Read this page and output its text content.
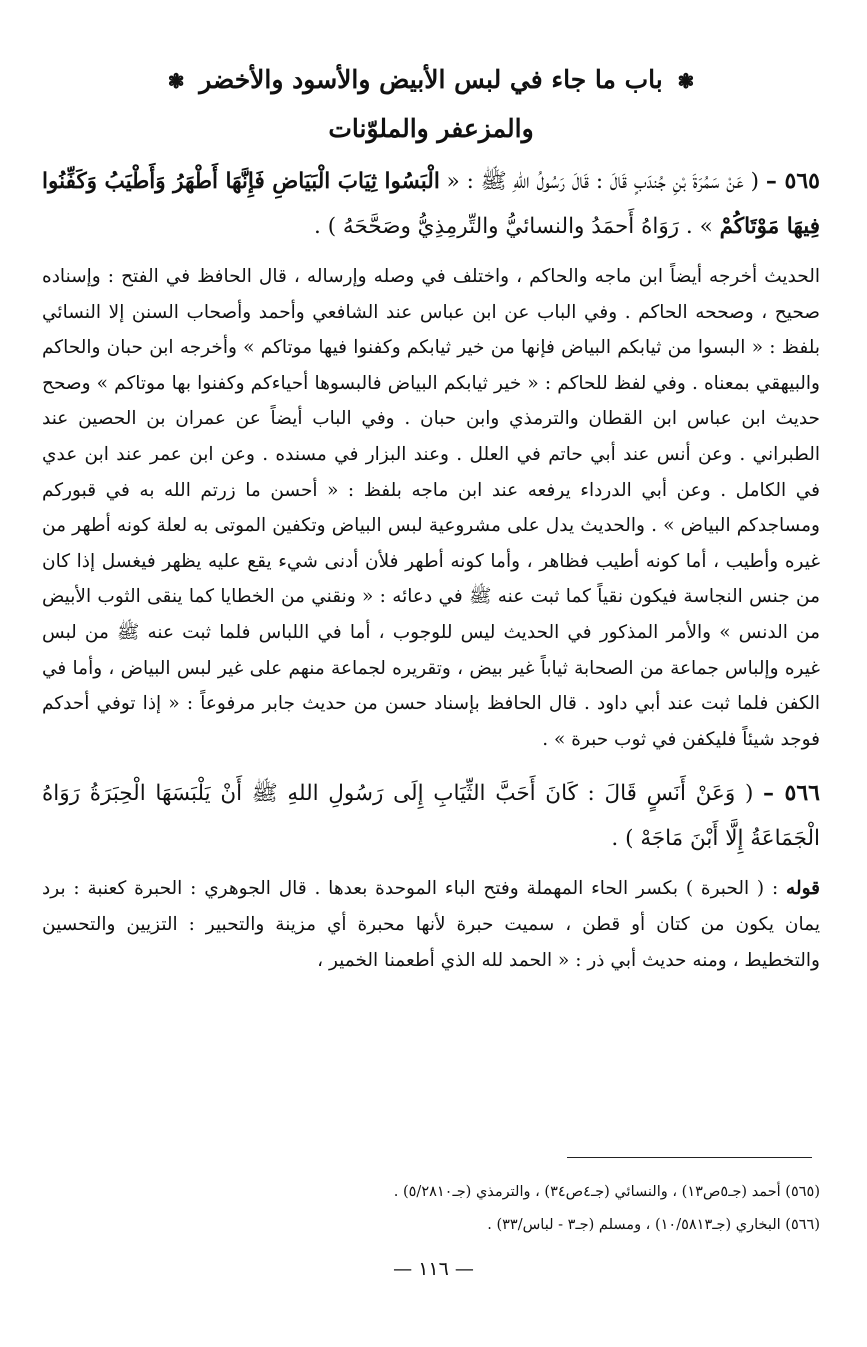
❃ باب ما جاء في لبس الأبيض والأسود والأخضر ❃
والمزعفر والملوّنات

٥٦٥ – ( عَنْ سَمُرَةَ بْنِ جُندَبٍ قَالَ : قَالَ رَسُولُ اللهِ ﷺ : « الْبَسُوا ثِيَابَ الْبَيَاضِ فَإِنَّهَا أَطْهَرُ وَأَطْيَبُ وَكَفِّنُوا فِيهَا مَوْتَاكُمْ » . رَوَاهُ أَحمَدُ والنسائيُّ والتِّرمِذِيُّ وصَحَّحَهُ ) .

الحديث أخرجه أيضاً ابن ماجه والحاكم ، واختلف في وصله وإرساله ، قال الحافظ في الفتح : وإسناده صحيح ، وصححه الحاكم . وفي الباب عن ابن عباس عند الشافعي وأحمد وأصحاب السنن إلا النسائي بلفظ : « البسوا من ثيابكم البياض فإنها من خير ثيابكم وكفنوا فيها موتاكم » وأخرجه ابن حبان والحاكم والبيهقي بمعناه . وفي لفظ للحاكم : « خير ثيابكم البياض فالبسوها أحياءكم وكفنوا بها موتاكم » وصحح حديث ابن عباس ابن القطان والترمذي وابن حبان . وفي الباب أيضاً عن عمران بن الحصين عند الطبراني . وعن أنس عند أبي حاتم في العلل . وعند البزار في مسنده . وعن ابن عمر عند ابن عدي في الكامل . وعن أبي الدرداء يرفعه عند ابن ماجه بلفظ : « أحسن ما زرتم الله به في قبوركم ومساجدكم البياض » . والحديث يدل على مشروعية لبس البياض وتكفين الموتى به لعلة كونه أطهر من غيره وأطيب ، أما كونه أطيب فظاهر ، وأما كونه أطهر فلأن أدنى شيء يقع عليه يظهر فيغسل إذا كان من جنس النجاسة فيكون نقياً كما ثبت عنه ﷺ في دعائه : « ونقني من الخطايا كما ينقى الثوب الأبيض من الدنس » والأمر المذكور في الحديث ليس للوجوب ، أما في اللباس فلما ثبت عنه ﷺ من لبس غيره وإلباس جماعة من الصحابة ثياباً غير بيض ، وتقريره لجماعة منهم على غير لبس البياض ، وأما في الكفن فلما ثبت عند أبي داود . قال الحافظ بإسناد حسن من حديث جابر مرفوعاً : « إذا توفي أحدكم فوجد شيئاً فليكفن في ثوب حبرة » .

٥٦٦ – ( وَعَنْ أَنَسٍ قَالَ : كَانَ أَحَبَّ الثِّيَابِ إِلَى رَسُولِ اللهِ ﷺ أَنْ يَلْبَسَهَا الْحِبَرَةُ رَوَاهُ الْجَمَاعَةُ إِلَّا أَبْنَ مَاجَهْ ) .

قوله : ( الحبرة ) بكسر الحاء المهملة وفتح الباء الموحدة بعدها . قال الجوهري : الحبرة كعنبة : برد يمان يكون من كتان أو قطن ، سميت حبرة لأنها محبرة أي مزينة والتحبير : التزيين والتحسين والتخطيط ، ومنه حديث أبي ذر : « الحمد لله الذي أطعمنا الخمير ،

(٥٦٥) أحمد (جـ٥ص١٣) ، والنسائي (جـ٤ص٣٤) ، والترمذي (جـ٥/٢٨١٠) .

(٥٦٦) البخاري (جـ١٠/٥٨١٣) ، ومسلم (جـ٣ - لباس/٣٣) .

— ١١٦ —
